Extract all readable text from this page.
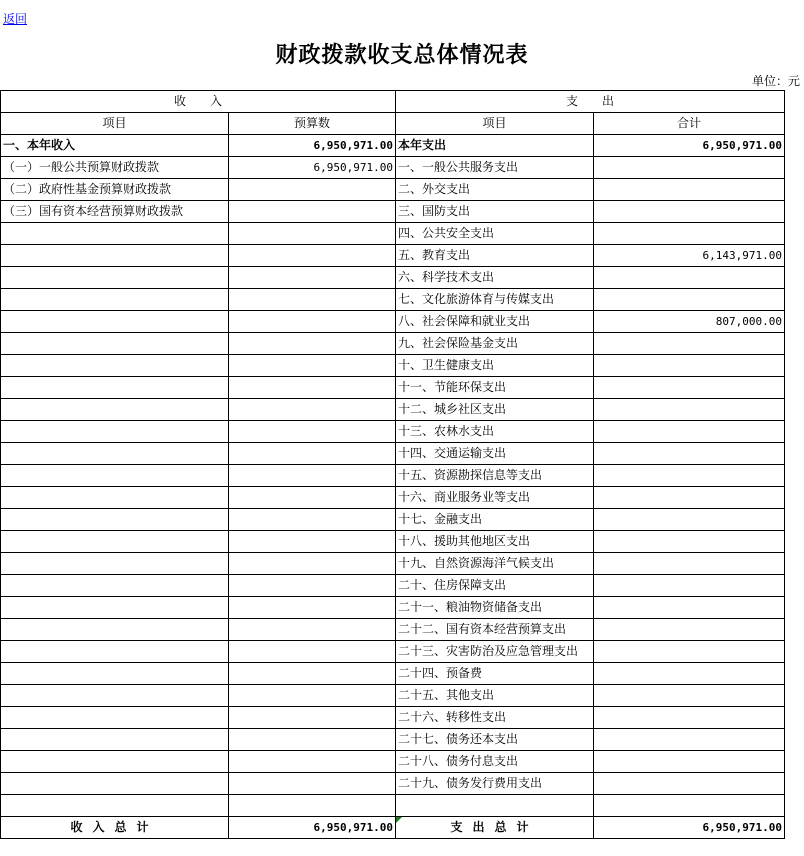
返回
财政拨款收支总体情况表
单位：元
收　　入		支　　出	
项目	预算数	项目	合计
一、本年收入	6,950,971.00	本年支出	6,950,971.00
（一）一般公共预算财政拨款	6,950,971.00	一、一般公共服务支出	
（二）政府性基金预算财政拨款		二、外交支出	
（三）国有资本经营预算财政拨款		三、国防支出	
		四、公共安全支出	
		五、教育支出	6,143,971.00
		六、科学技术支出	
		七、文化旅游体育与传媒支出	
		八、社会保障和就业支出	807,000.00
		九、社会保险基金支出	
		十、卫生健康支出	
		十一、节能环保支出	
		十二、城乡社区支出	
		十三、农林水支出	
		十四、交通运输支出	
		十五、资源勘探信息等支出	
		十六、商业服务业等支出	
		十七、金融支出	
		十八、援助其他地区支出	
		十九、自然资源海洋气候支出	
		二十、住房保障支出	
		二十一、粮油物资储备支出	
		二十二、国有资本经营预算支出	
		二十三、灾害防治及应急管理支出	
		二十四、预备费	
		二十五、其他支出	
		二十六、转移性支出	
		二十七、债务还本支出	
		二十八、债务付息支出	
		二十九、债务发行费用支出	

收入总计	6,950,971.00	支出总计	6,950,971.00
